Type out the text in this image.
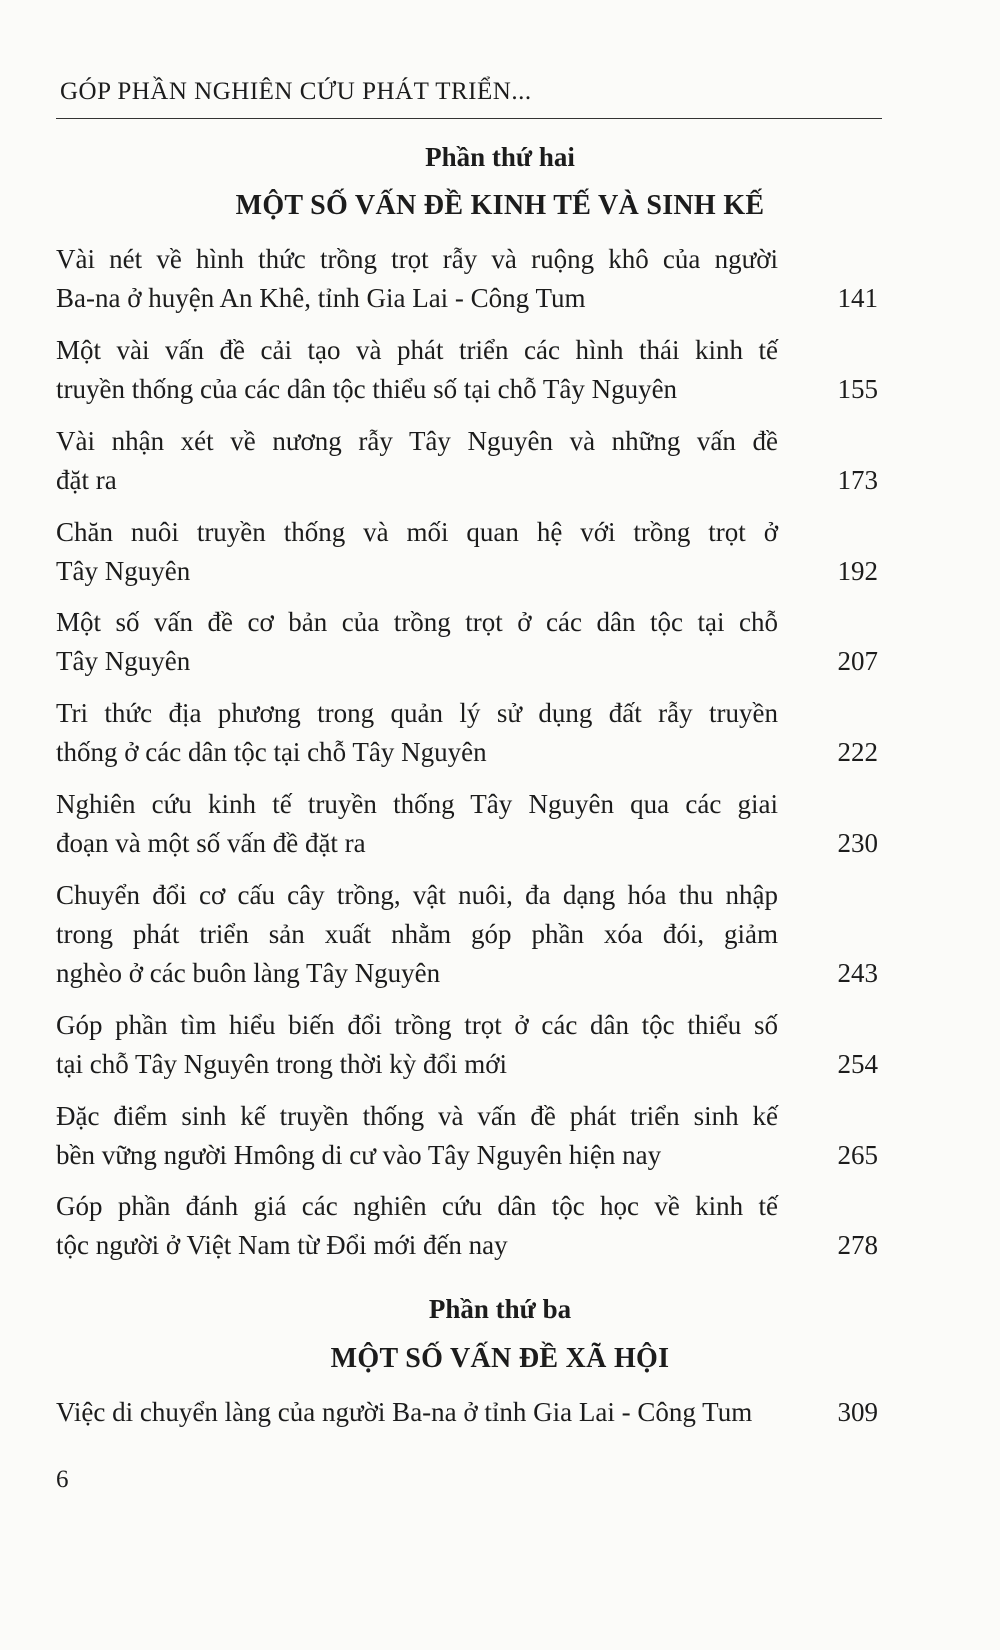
GÓP PHẦN NGHIÊN CỨU PHÁT TRIỂN...
Phần thứ hai
MỘT SỐ VẤN ĐỀ KINH TẾ VÀ SINH KẾ
Vài nét về hình thức trồng trọt rẫy và ruộng khô của người
Ba-na ở huyện An Khê, tỉnh Gia Lai - Công Tum	141
Một vài vấn đề cải tạo và phát triển các hình thái kinh tế
truyền thống của các dân tộc thiểu số tại chỗ Tây Nguyên	155
Vài nhận xét về nương rẫy Tây Nguyên và những vấn đề
đặt ra	173
Chăn nuôi truyền thống và mối quan hệ với trồng trọt ở
Tây Nguyên	192
Một số vấn đề cơ bản của trồng trọt ở các dân tộc tại chỗ
Tây Nguyên	207
Tri thức địa phương trong quản lý sử dụng đất rẫy truyền
thống ở các dân tộc tại chỗ Tây Nguyên	222
Nghiên cứu kinh tế truyền thống Tây Nguyên qua các giai
đoạn và một số vấn đề đặt ra	230
Chuyển đổi cơ cấu cây trồng, vật nuôi, đa dạng hóa thu nhập
trong phát triển sản xuất nhằm góp phần xóa đói, giảm
nghèo ở các buôn làng Tây Nguyên	243
Góp phần tìm hiểu biến đổi trồng trọt ở các dân tộc thiểu số
tại chỗ Tây Nguyên trong thời kỳ đổi mới	254
Đặc điểm sinh kế truyền thống và vấn đề phát triển sinh kế
bền vững người Hmông di cư vào Tây Nguyên hiện nay	265
Góp phần đánh giá các nghiên cứu dân tộc học về kinh tế
tộc người ở Việt Nam từ Đổi mới đến nay	278
Phần thứ ba
MỘT SỐ VẤN ĐỀ XÃ HỘI
Việc di chuyển làng của người Ba-na ở tỉnh Gia Lai - Công Tum	309
6
